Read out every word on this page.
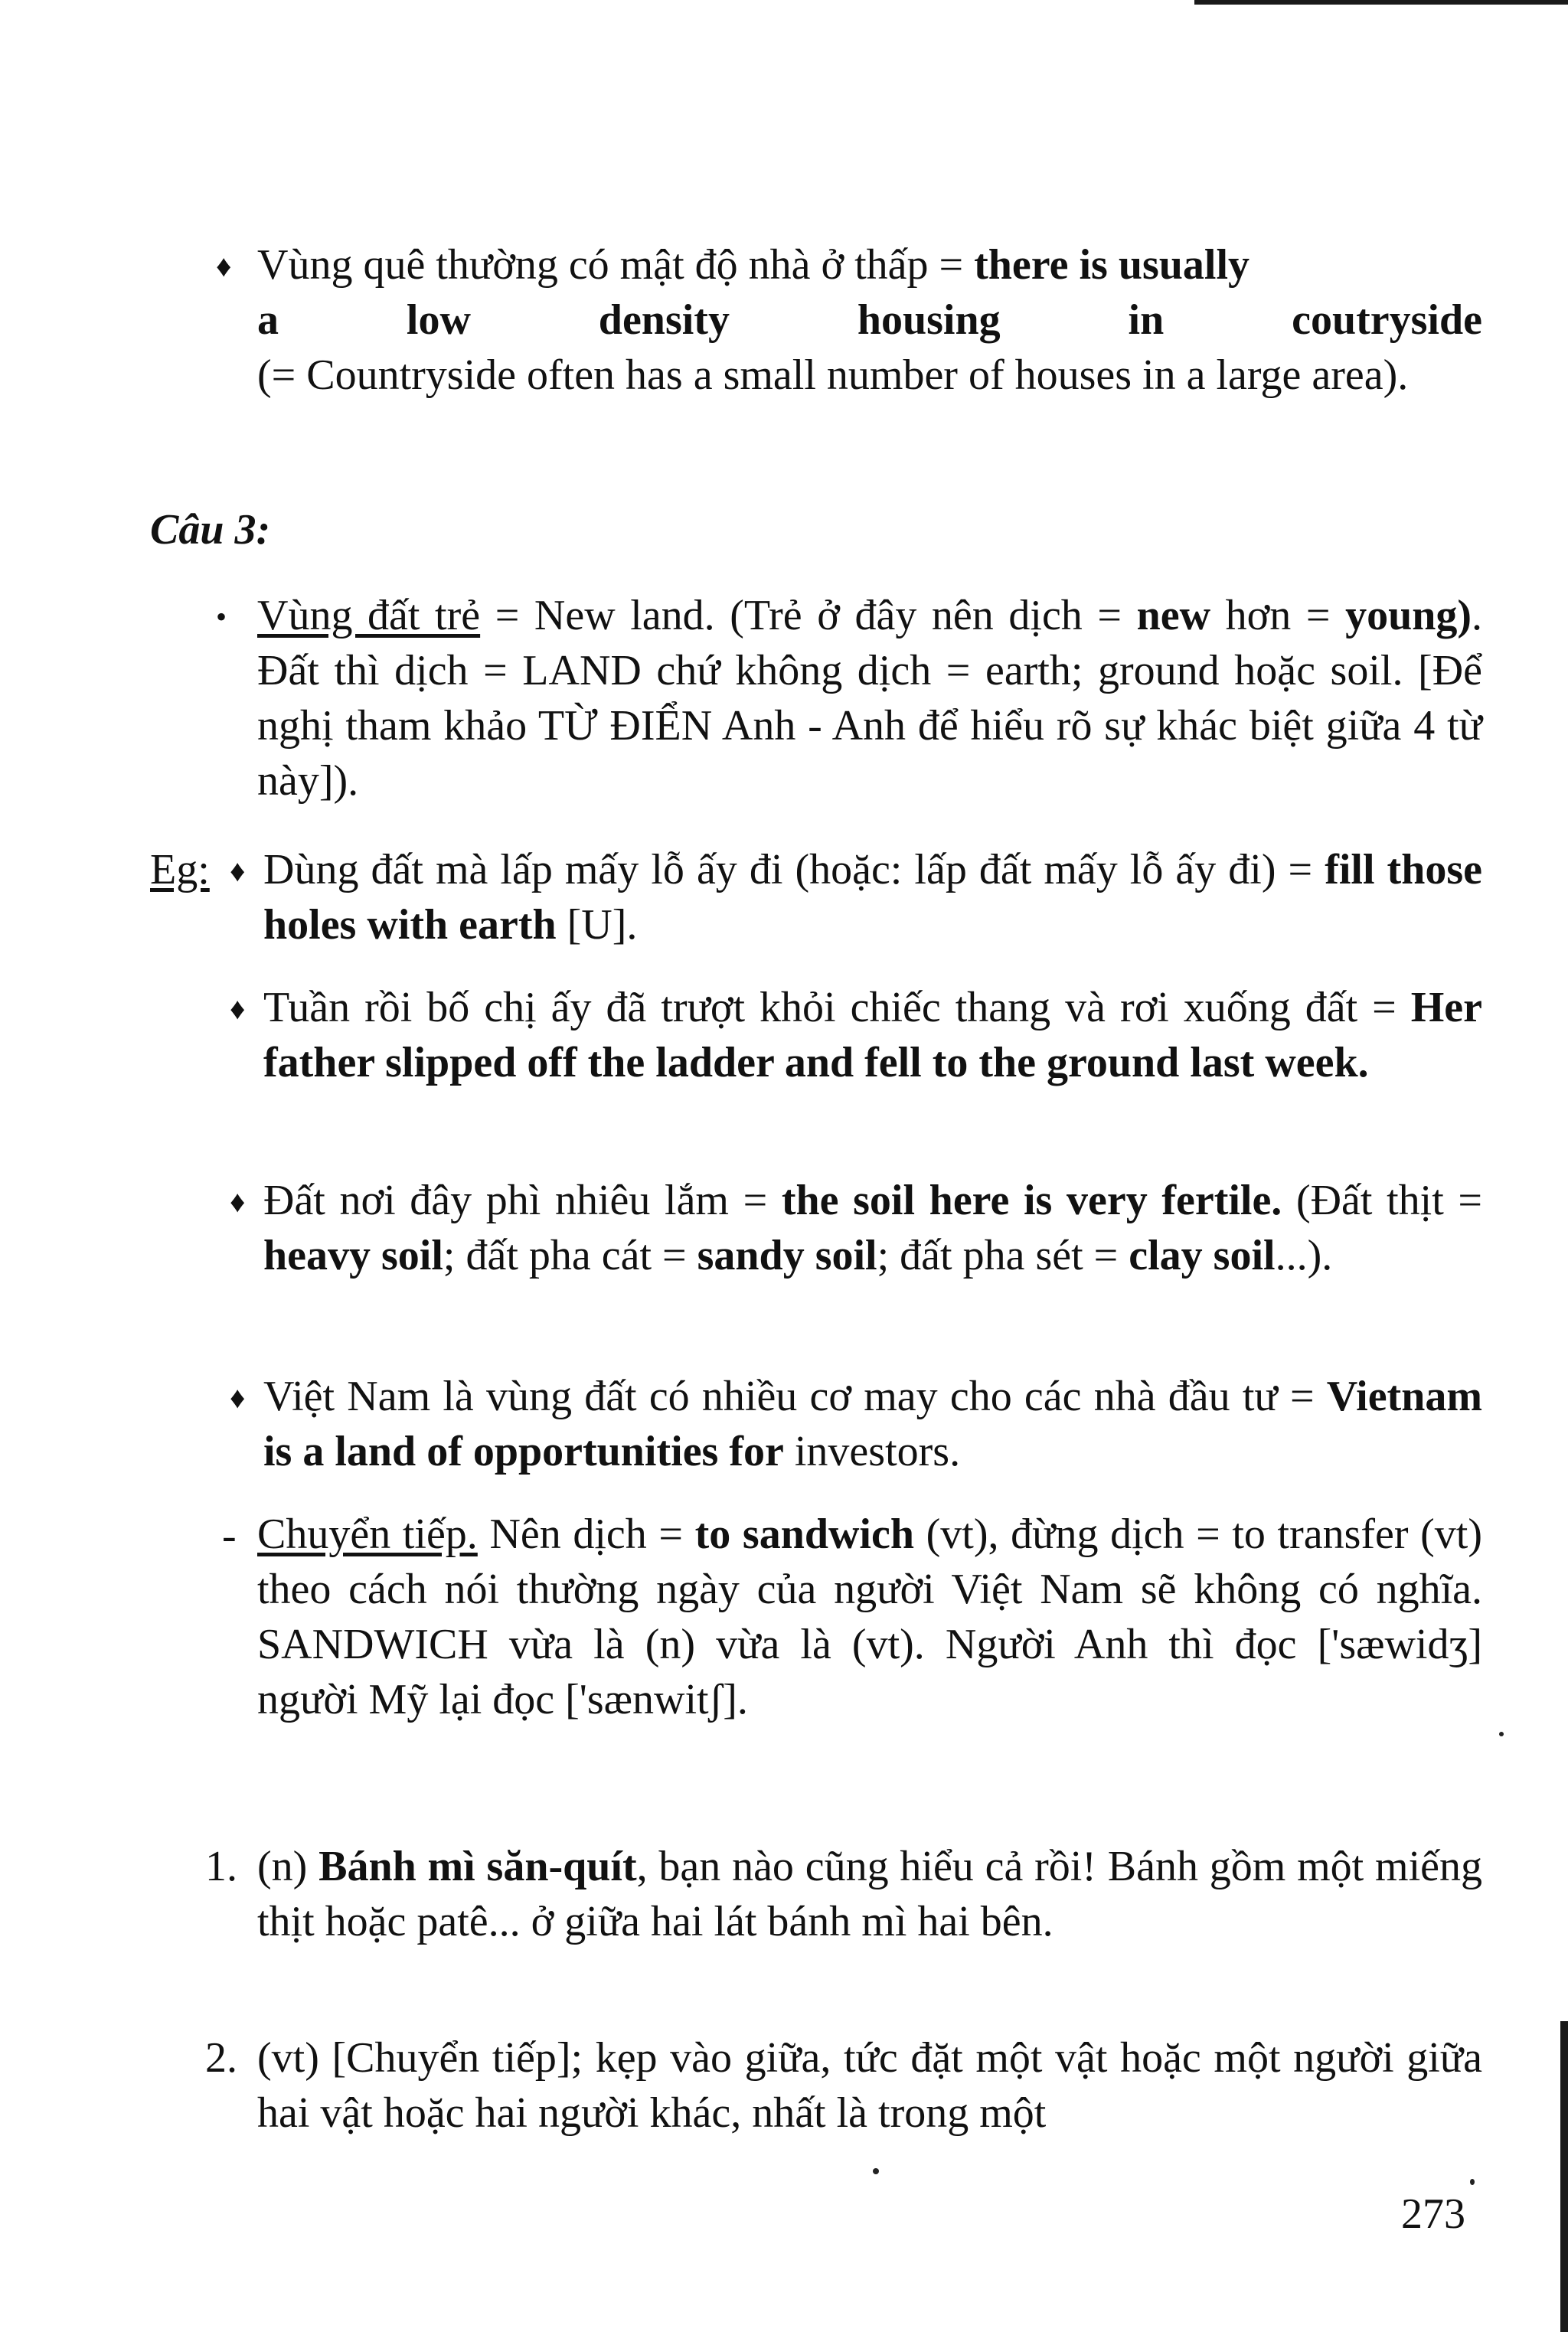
♦ Vùng quê thường có mật độ nhà ở thấp = there is usually
a low density housing in coutryside
(= Countryside often has a small number of houses in a large area).
Câu 3:
• Vùng đất trẻ = New land. (Trẻ ở đây nên dịch = new hơn = young). Đất thì dịch = LAND chứ không dịch = earth; ground hoặc soil. [Để nghị tham khảo TỪ ĐIỂN Anh - Anh để hiểu rõ sự khác biệt giữa 4 từ này]).
Eg: ♦ Dùng đất mà lấp mấy lỗ ấy đi (hoặc: lấp đất mấy lỗ ấy đi) = fill those holes with earth [U].
♦ Tuần rồi bố chị ấy đã trượt khỏi chiếc thang và rơi xuống đất = Her father slipped off the ladder and fell to the ground last week.
♦ Đất nơi đây phì nhiêu lắm = the soil here is very fertile. (Đất thịt = heavy soil; đất pha cát = sandy soil; đất pha sét = clay soil...).
♦ Việt Nam là vùng đất có nhiều cơ may cho các nhà đầu tư = Vietnam is a land of opportunities for investors.
- Chuyển tiếp. Nên dịch = to sandwich (vt), đừng dịch = to transfer (vt) theo cách nói thường ngày của người Việt Nam sẽ không có nghĩa. SANDWICH vừa là (n) vừa là (vt). Người Anh thì đọc ['sæwidʒ] người Mỹ lại đọc ['sænwitʃ].
1. (n) Bánh mì săn-quít, bạn nào cũng hiểu cả rồi! Bánh gồm một miếng thịt hoặc patê... ở giữa hai lát bánh mì hai bên.
2. (vt) [Chuyển tiếp]; kẹp vào giữa, tức đặt một vật hoặc một người giữa hai vật hoặc hai người khác, nhất là trong một
273
